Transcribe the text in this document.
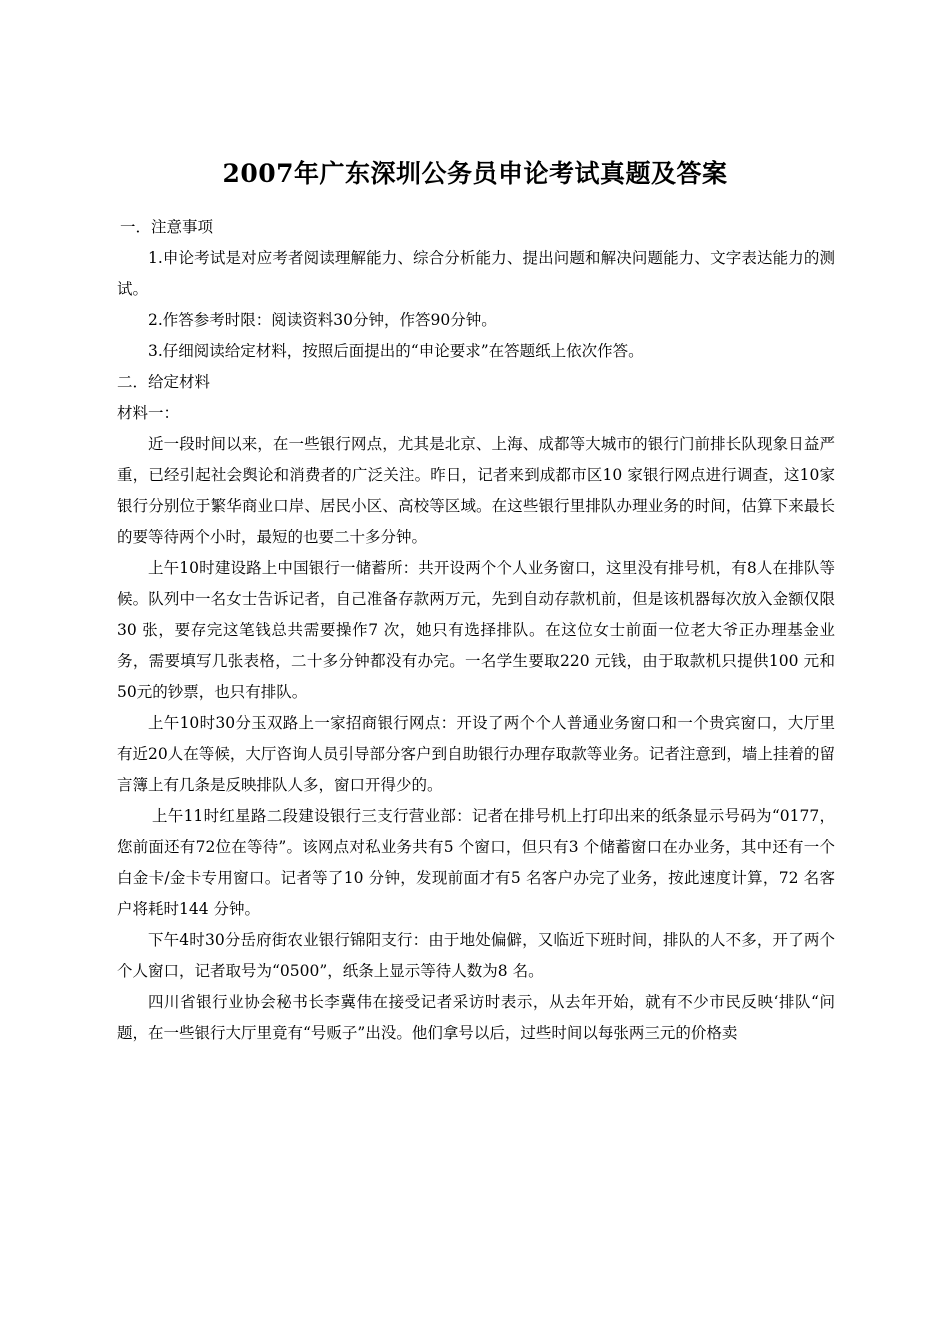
2007年广东深圳公务员申论考试真题及答案

一．注意事项

1.申论考试是对应考者阅读理解能力、综合分析能力、提出问题和解决问题能力、文字表达能力的测试。

2.作答参考时限：阅读资料30分钟，作答90分钟。

3.仔细阅读给定材料，按照后面提出的“申论要求”在答题纸上依次作答。

二．给定材料

材料一：

近一段时间以来，在一些银行网点，尤其是北京、上海、成都等大城市的银行门前排长队现象日益严重，已经引起社会舆论和消费者的广泛关注。昨日，记者来到成都市区10 家银行网点进行调查，这10家银行分别位于繁华商业口岸、居民小区、高校等区域。在这些银行里排队办理业务的时间，估算下来最长的要等待两个小时，最短的也要二十多分钟。

上午10时建设路上中国银行一储蓄所：共开设两个个人业务窗口，这里没有排号机，有8人在排队等候。队列中一名女士告诉记者，自己准备存款两万元，先到自动存款机前，但是该机器每次放入金额仅限30 张，要存完这笔钱总共需要操作7 次，她只有选择排队。在这位女士前面一位老大爷正办理基金业务，需要填写几张表格，二十多分钟都没有办完。一名学生要取220 元钱，由于取款机只提供100 元和50元的钞票，也只有排队。

上午10时30分玉双路上一家招商银行网点：开设了两个个人普通业务窗口和一个贵宾窗口，大厅里有近20人在等候，大厅咨询人员引导部分客户到自助银行办理存取款等业务。记者注意到，墙上挂着的留言簿上有几条是反映排队人多，窗口开得少的。

上午11时红星路二段建设银行三支行营业部：记者在排号机上打印出来的纸条显示号码为“0177，您前面还有72位在等待”。该网点对私业务共有5 个窗口，但只有3 个储蓄窗口在办业务，其中还有一个白金卡/金卡专用窗口。记者等了10 分钟，发现前面才有5 名客户办完了业务，按此速度计算，72 名客户将耗时144 分钟。

下午4时30分岳府街农业银行锦阳支行：由于地处偏僻，又临近下班时间，排队的人不多，开了两个个人窗口，记者取号为“0500”，纸条上显示等待人数为8 名。

四川省银行业协会秘书长李冀伟在接受记者采访时表示，从去年开始，就有不少市民反映‘排队“问题，在一些银行大厅里竟有“号贩子”出没。他们拿号以后，过些时间以每张两三元的价格卖
